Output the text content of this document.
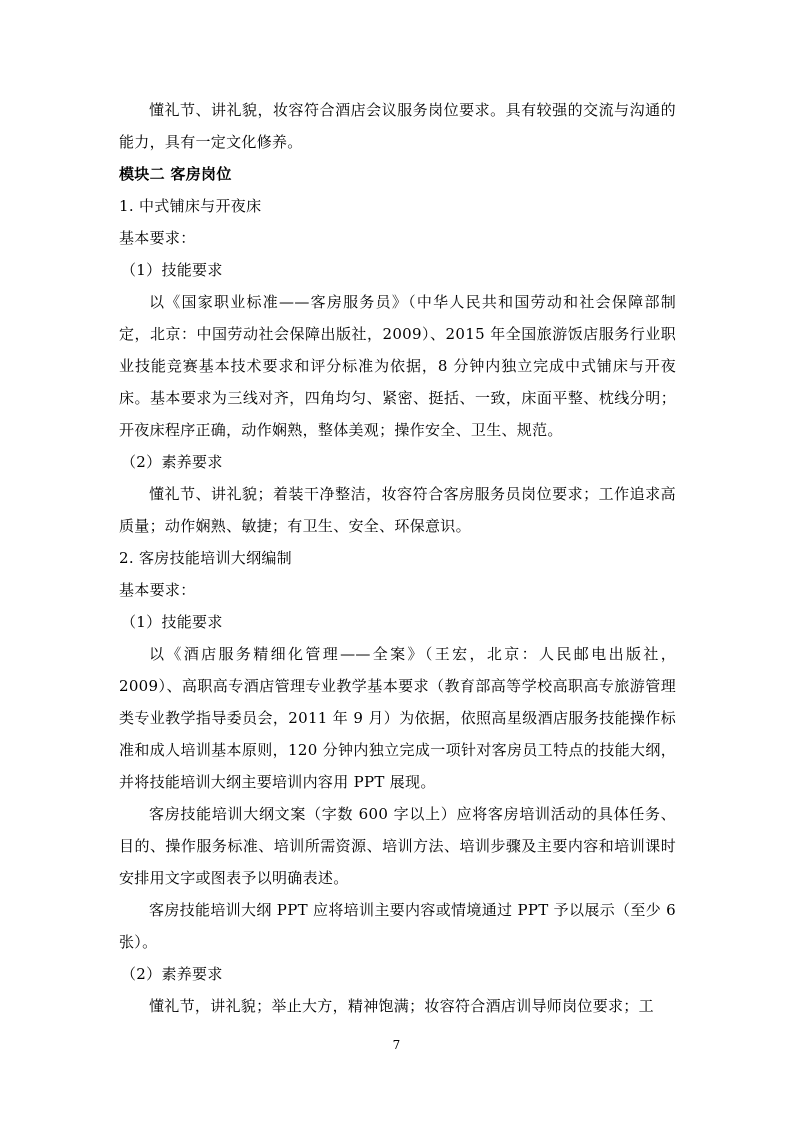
懂礼节、讲礼貌，妆容符合酒店会议服务岗位要求。具有较强的交流与沟通的能力，具有一定文化修养。

模块二 客房岗位

1. 中式铺床与开夜床

基本要求：

（1）技能要求

以《国家职业标准——客房服务员》（中华人民共和国劳动和社会保障部制定，北京：中国劳动社会保障出版社，2009）、2015 年全国旅游饭店服务行业职业技能竞赛基本技术要求和评分标准为依据，8 分钟内独立完成中式铺床与开夜床。基本要求为三线对齐，四角均匀、紧密、挺括、一致，床面平整、枕线分明；开夜床程序正确，动作娴熟，整体美观；操作安全、卫生、规范。

（2）素养要求

懂礼节、讲礼貌；着装干净整洁，妆容符合客房服务员岗位要求；工作追求高质量；动作娴熟、敏捷；有卫生、安全、环保意识。

2. 客房技能培训大纲编制

基本要求：

（1）技能要求

以《酒店服务精细化管理——全案》（王宏，北京：人民邮电出版社，2009）、高职高专酒店管理专业教学基本要求（教育部高等学校高职高专旅游管理类专业教学指导委员会，2011 年 9 月）为依据，依照高星级酒店服务技能操作标准和成人培训基本原则，120 分钟内独立完成一项针对客房员工特点的技能大纲，并将技能培训大纲主要培训内容用 PPT 展现。

客房技能培训大纲文案（字数 600 字以上）应将客房培训活动的具体任务、目的、操作服务标准、培训所需资源、培训方法、培训步骤及主要内容和培训课时安排用文字或图表予以明确表述。

客房技能培训大纲 PPT 应将培训主要内容或情境通过 PPT 予以展示（至少 6 张）。

（2）素养要求

懂礼节，讲礼貌；举止大方，精神饱满；妆容符合酒店训导师岗位要求；工

7
